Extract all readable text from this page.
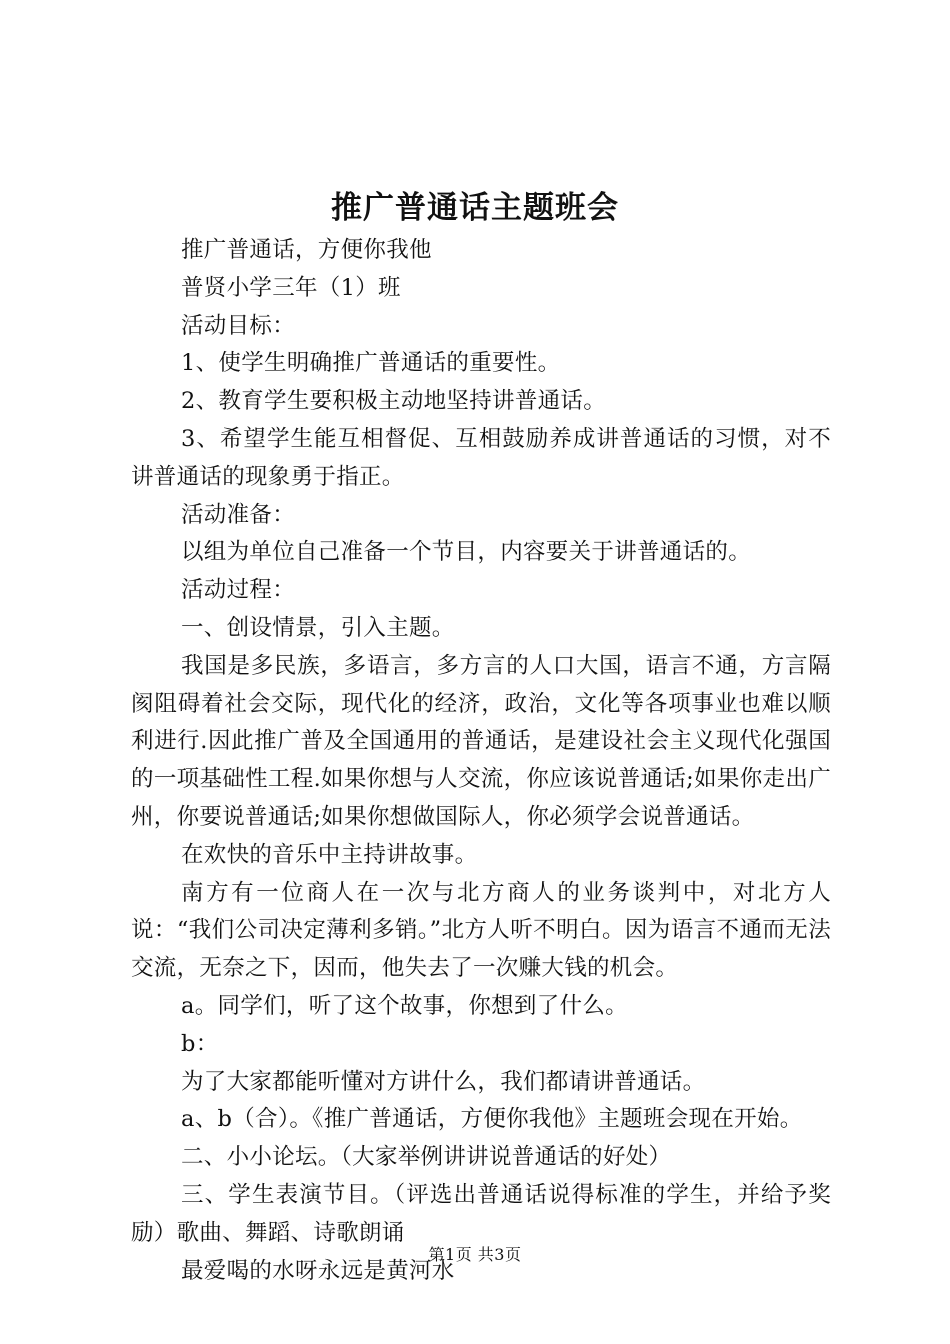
推广普通话主题班会

推广普通话，方便你我他

普贤小学三年（1）班

活动目标：

1、使学生明确推广普通话的重要性。

2、教育学生要积极主动地坚持讲普通话。

3、希望学生能互相督促、互相鼓励养成讲普通话的习惯，对不讲普通话的现象勇于指正。

活动准备：

以组为单位自己准备一个节目，内容要关于讲普通话的。

活动过程：

一、创设情景，引入主题。

我国是多民族，多语言，多方言的人口大国，语言不通，方言隔阂阻碍着社会交际，现代化的经济，政治，文化等各项事业也难以顺利进行.因此推广普及全国通用的普通话，是建设社会主义现代化强国的一项基础性工程.如果你想与人交流，你应该说普通话;如果你走出广州，你要说普通话;如果你想做国际人，你必须学会说普通话。

在欢快的音乐中主持讲故事。

南方有一位商人在一次与北方商人的业务谈判中，对北方人说：“我们公司决定薄利多销。”北方人听不明白。因为语言不通而无法交流，无奈之下，因而，他失去了一次赚大钱的机会。

a。同学们，听了这个故事，你想到了什么。

b：

为了大家都能听懂对方讲什么，我们都请讲普通话。

a、b（合）。《推广普通话，方便你我他》主题班会现在开始。

二、小小论坛。（大家举例讲讲说普通话的好处）

三、学生表演节目。（评选出普通话说得标准的学生，并给予奖励）歌曲、舞蹈、诗歌朗诵

最爱喝的水呀永远是黄河水

第1页 共3页
